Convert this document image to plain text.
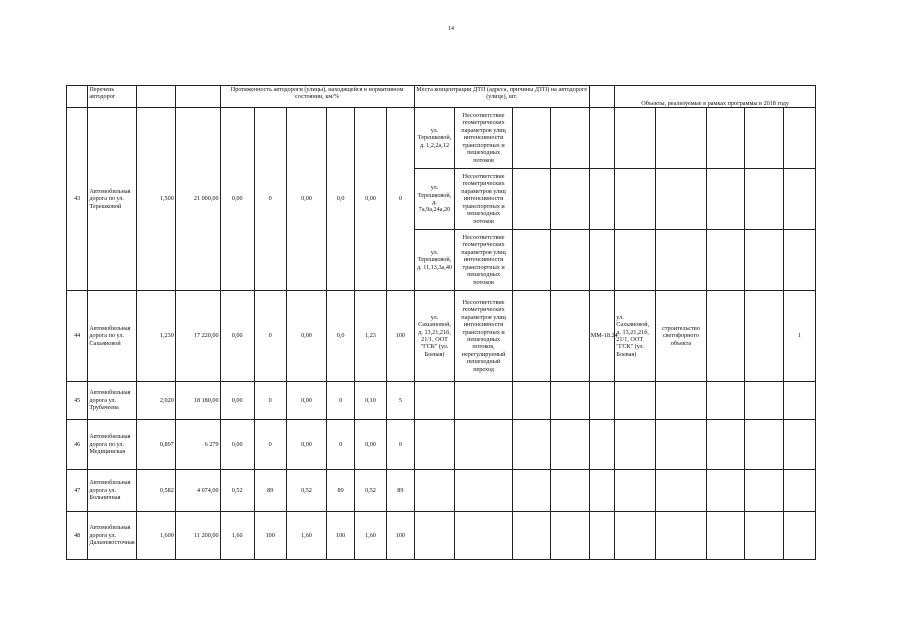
14

	Перечень автодорог			Протяженность автодороги (улицы), находящейся в нормативном состоянии, км/%						Места концентрации ДТП (адреса, причины ДТП) на автодороге (улице), шт.					Объекты, реализуемые в рамках программы в 2018 году				
43	Автомобильная дорога по ул. Терешковой	1,500	21 000,00	0,00	0	0,00	0,0	0,00	0	ул. Терешковой, д. 1,2,2а,12	Несоответствие геометрических параметров улиц интенсивности транспортных и пешеходных потоков								
										ул. Терешковой, д. 7а,9а,24а,20	Несоответствие геометрических параметров улиц интенсивности транспортных и пешеходных потоков								
										ул. Терешковой, д. 11,13,3а,40	Несоответствие геометрических параметров улиц интенсивности транспортных и пешеходных потоков								
44	Автомобильная дорога по ул. Сахьяновой	1,230	17 220,00	0,00	0	0,00	0,0	1,23	100	ул. Сахьяновой, д. 13,21,21б, 21/1, ООТ "ГСК" (ул. Боевая)	Несоответствие геометрических параметров улиц интенсивности транспортных и пешеходных потоков, нерегулируемый пешеходный переход			ММ-18.24	ул. Сахьяновой, д. 13,21,21б, 21/1, ООТ "ГСК" (ул. Боевая)	строительство светофорного объекта			1
45	Автомобильная дорога ул. Трубачеева	2,020	18 180,00	0,00	0	0,00	0	0,10	5										
46	Автомобильная дорога по ул. Медицинская	0,897	6 279	0,00	0	0,00	0	0,00	0										
47	Автомобильная дорога ул. Больничная	0,582	4 074,00	0,52	89	0,52	89	0,52	89										
48	Автомобильная дорога ул. Дальневосточная	1,600	11 200,00	1,60	100	1,60	100	1,60	100										
